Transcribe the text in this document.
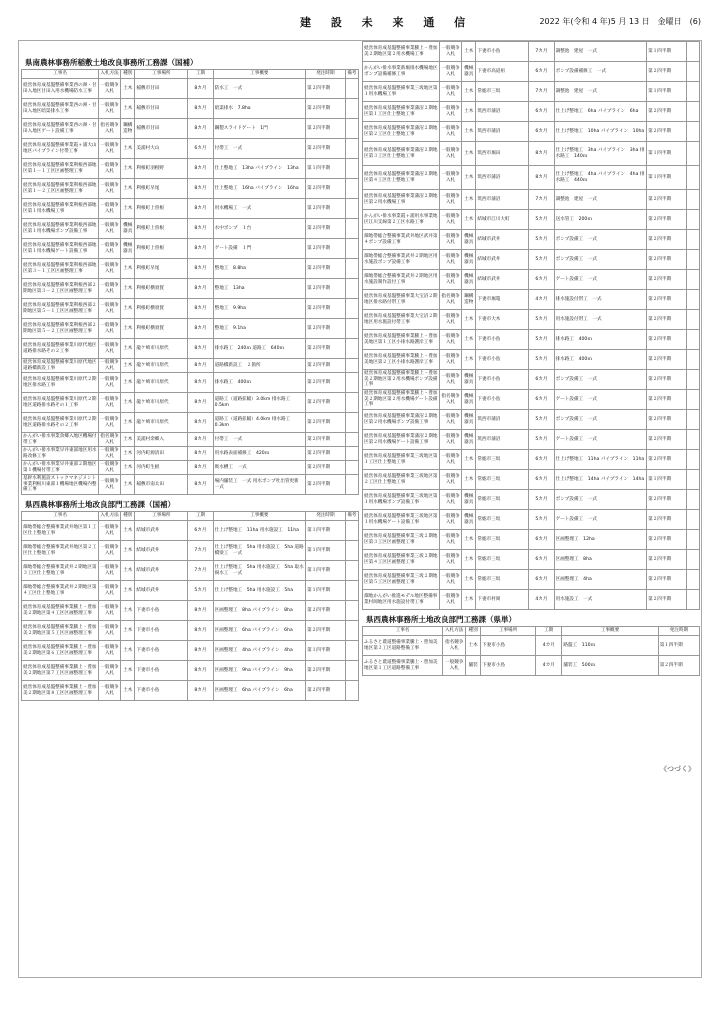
建 設 未 来 通 信	2022 年(令和 4 年)5 月 13 日　金曜日　(6)
県南農林事務所稲敷土地改良事務所工務課（国補）
工事名	入札方法	種別	工事場所	工期	工事概要	発注時期	備考
経営体育成基盤整備事業西の洲・甘田入地区甘田入用水機場防水工事	一般競争入札	土木	稲敷市甘田	8カ月	防水工　一式	第２四半期	
経営体育成基盤整備事業西の洲・甘田入地区暗渠排水工事	一般競争入札	土木	稲敷市甘田	8カ月	暗渠排水　7.8ha	第２四半期	
経営体育成基盤整備事業西の洲・甘田入地区ゲート設備工事	指名競争入札	鋼構造物	稲敷市甘田	8カ月	鋼製スライドゲート　1門	第２四半期	
経営体育成基盤整備事業霞ヶ浦大山地区パイプライン付帯工事	一般競争入札	土木	美浦村大山	6カ月	付帯工　一式	第２四半期	
経営体育成基盤整備事業利根西部地区第１－１工区区画整理工事	一般競争入札	土木	利根町羽根野	8カ月	仕上整地工　13ha パイプライン　13ha	第１四半期	
経営体育成基盤整備事業利根西部地区第１－２工区区画整理工事	一般競争入札	土木	利根町早尾	8カ月	仕上整地工　16ha パイプライン　16ha	第２四半期	
経営体育成基盤整備事業利根西部地区第１用水機場工事	一般競争入札	土木	利根町上曽根	8カ月	用水機場工　一式	第２四半期	
経営体育成基盤整備事業利根西部地区第１用水機場ポンプ設備工事	一般競争入札	機械器具	利根町上曽根	8カ月	水中ポンプ　１台	第２四半期	
経営体育成基盤整備事業利根西部地区第１用水機場ゲート設備工事	一般競争入札	機械器具	利根町上曽根	8カ月	ゲート設備　１門	第２四半期	
経営体育成基盤整備事業利根西部地区第３－１工区区画整理工事	一般競争入札	土木	利根町早尾	8カ月	整地工　8.8ha	第２四半期	
経営体育成基盤整備事業利根西部２期地区第３－２工区区画整理工事	一般競争入札	土木	利根町横須賀	8カ月	整地工　13ha	第２四半期	
経営体育成基盤整備事業利根西部２期地区第５－１工区区画整理工事	一般競争入札	土木	利根町横須賀	8カ月	整地工　9.9ha	第２四半期	
経営体育成基盤整備事業利根西部２期地区第５－２工区区画整理工事	一般競争入札	土木	利根町横須賀	8カ月	整地工　9.1ha	第２四半期	
経営体育成基盤整備事業川原代地区道路排水路その２工事	一般競争入札	土木	龍ケ崎市川原代	8カ月	排水路工　240ｍ 道路工　640ｍ	第２四半期	
経営体育成基盤整備事業川原代地区道路橋新設工事	一般競争入札	土木	龍ケ崎市川原代	8カ月	道路橋新設工　２箇所	第２四半期	
経営体育成基盤整備事業川原代２期地区排水路工事	一般競争入札	土木	龍ケ崎市川原代	8カ月	排水路工　400ｍ	第２四半期	
経営体育成基盤整備事業川原代２期地区道路排水路その１工事	一般競争入札	土木	龍ケ崎市川原代	8カ月	道路工（道路拡幅）3.0km 排水路工　0.5km	第２四半期	
経営体育成基盤整備事業川原代２期地区道路排水路その２工事	一般競争入札	土木	龍ケ崎市川原代	8カ月	道路工（道路拡幅）4.0km 排水路工　0.3km	第２四半期	
かんがい排水事業余郷入地区機場付帯工事	指名競争入札	土木	美浦村余郷入	8カ月	付帯工　一式	第２四半期	
かんがい排水事業早井東部地区用水路改修工事	一般競争入札	土木	河内町源清田	8カ月	用水路表面補修工　420ｍ	第２四半期	
かんがい排水事業早井東部２期地区第１機場付帯工事	一般競争入札	土木	河内町生板	8カ月	吸水槽工　一式	第２四半期	
基幹水利施設ストックマネジメント事業利根川東部１機場地区機場内整備工事	一般競争入札	土木	稲敷市南太田	8カ月	場内舗装工　一式 用水ポンプ吐出管更新　一式	第２四半期	
県西農林事務所土地改良部門工務課（国補）
工事名	入札方法	種別	工事場所	工期	工事概要	発注時期	備考
畑地帯総合整備事業武井地区第１工区仕上整地工事	一般競争入札	土木	結城市武井	6カ月	仕上げ整地工　11ha 用水施設工　11ha	第１四半期	
畑地帯総合整備事業武井地区第２工区仕上整地工事	一般競争入札	土木	結城市武井	7カ月	仕上げ整地工　5ha 用水施設工　5ha 道路橋梁工　一式	第１四半期	
畑地帯総合整備事業武井２期地区第３工区仕上整地工事	一般競争入札	土木	結城市武井	7カ月	仕上げ整地工　5ha 用水施設工　5ha 取水揚水工　一式	第１四半期	
畑地帯総合整備事業武井２期地区第４工区仕上整地工事	一般競争入札	土木	結城市武井	5カ月	仕上げ整地工　5ha 用水施設工　5ha	第１四半期	
経営体育成基盤整備事業騰上・豊加美２期地区第４工区区画整理工事	一般競争入札	土木	下妻市小島	8カ月	区画整理工　8ha パイプライン　8ha	第２四半期	
経営体育成基盤整備事業騰上・豊加美２期地区第５工区区画整理工事	一般競争入札	土木	下妻市小島	8カ月	区画整理工　6ha パイプライン　6ha	第２四半期	
経営体育成基盤整備事業騰上・豊加美２期地区第６工区区画整理工事	一般競争入札	土木	下妻市小島	8カ月	区画整理工　4ha パイプライン　4ha	第１四半期	
経営体育成基盤整備事業騰上・豊加美２期地区第７工区区画整理工事	一般競争入札	土木	下妻市小島	8カ月	区画整理工　9ha パイプライン　9ha	第２四半期	
経営体育成基盤整備事業騰上・豊加美２期地区第８工区区画整理工事	一般競争入札	土木	下妻市小島	8カ月	区画整理工　6ha パイプライン　6ha	第２四半期	
経営体育成基盤整備事業騰上・豊加美２期地区第２用水機場工事	一般競争入札	土木	下妻市小島	7カ月	調整池　建屋　一式	第１四半期	
かんがい排水事業新堀排水機場地区ポンプ設備補修工事	一般競争入札	機械器具	下妻市高道祖	6カ月	ポンプ設備補修工　一式	第２四半期	
経営体育成基盤整備事業三坂地区第１用水機場工事	一般競争入札	土木	常総市三坂	7カ月	調整池　建屋　一式	第１四半期	
経営体育成基盤整備事業蒲沼２期地区第１工区仕上整地工事	一般競争入札	土木	筑西市蒲沼	6カ月	仕上げ整地工　6ha パイプライン　6ha	第２四半期	
経営体育成基盤整備事業蒲沼２期地区第２工区仕上整地工事	一般競争入札	土木	筑西市蒲沼	6カ月	仕上げ整地工　10ha パイプライン　10ha	第２四半期	
経営体育成基盤整備事業蒲沼２期地区第３工区仕上整地工事	一般競争入札	土木	筑西市堀田	8カ月	仕上げ整地工　3ha パイプライン　3ha 排水路工　140ｍ	第１四半期	
経営体育成基盤整備事業蒲沼２期地区第４工区仕上整地工事	一般競争入札	土木	筑西市蒲沼	8カ月	仕上げ整地工　4ha パイプライン　4ha 排水路工　440ｍ	第１四半期	
経営体育成基盤整備事業蒲沼２期地区第２用水機場工事	一般競争入札	土木	筑西市蒲沼	7カ月	調整池　建屋　一式	第２四半期	
かんがい排水事業霞ヶ浦用水事業地区江川支線第２工区水路工事	一般競争入札	土木	結城市江川大町	5カ月	送水管工　200ｍ	第２四半期	
畑地帯総合整備事業武井地区武井第４ポンプ設備工事	一般競争入札	機械器具	結城市武井	5カ月	ポンプ設備工　一式	第２四半期	
畑地帯総合整備事業武井２期地区用水施設ポンプ設備工事	一般競争入札	機械器具	結城市武井	5カ月	ポンプ設備工　一式	第２四半期	
畑地帯総合整備事業武井２期地区用水施設制作設付工事	一般競争入札	機械器具	結城市武井	6カ月	ゲート設備工　一式	第２四半期	
経営体育成基盤整備事業大宝沼２期地区排水路付帯工事	指名競争入札	鋼構造物	下妻市堀篭	4カ月	排水施設付帯工　一式	第２四半期	
経営体育成基盤整備事業大宝沼２期地区用水施設付帯工事	一般競争入札	土木	下妻市大木	5カ月	用水施設付帯工　一式	第２四半期	
経営体育成基盤整備事業騰上・豊加美地区第１工区小排水路護岸工事	一般競争入札	土木	下妻市小島	5カ月	排水路工　400ｍ	第２四半期	
経営体育成基盤整備事業騰上・豊加美地区第２工区小排水路護岸工事	一般競争入札	土木	下妻市小島	5カ月	排水路工　400ｍ	第２四半期	
経営体育成基盤整備事業騰上・豊加美２期地区第２用水機場ポンプ設備工事	一般競争入札	機械器具	下妻市小島	6カ月	ポンプ設備工　一式	第２四半期	
経営体育成基盤整備事業騰上・豊加美２期地区第２用水機場ゲート設備工事	指名競争入札	機械器具	下妻市小島	6カ月	ゲート設備工　一式	第２四半期	
経営体育成基盤整備事業蒲沼２期地区第２用水機場ポンプ設備工事	一般競争入札	機械器具	筑西市蒲沼	5カ月	ポンプ設備工　一式	第２四半期	
経営体育成基盤整備事業蒲沼２期地区第２用水機場ゲート設備工事	一般競争入札	機械器具	筑西市蒲沼	5カ月	ゲート設備工　一式	第２四半期	
経営体育成基盤整備事業三坂地区第１工区仕上整地工事	一般競争入札	土木	常総市三坂	6カ月	仕上げ整地工　11ha パイプライン　11ha	第２四半期	
経営体育成基盤整備事業三坂地区第２工区仕上整地工事	一般競争入札	土木	常総市三坂	6カ月	仕上げ整地工　14ha パイプライン　14ha	第１四半期	
経営体育成基盤整備事業三坂地区第１用水機場ポンプ設備工事	一般競争入札	機械器具	常総市三坂	5カ月	ポンプ設備工　一式	第２四半期	
経営体育成基盤整備事業三坂地区第１用水機場ゲート設備工事	一般競争入札	機械器具	常総市三坂	5カ月	ゲート設備工　一式	第２四半期	
経営体育成基盤整備事業三坂２期地区第３工区区画整理工事	一般競争入札	土木	常総市三坂	6カ月	区画整理工　12ha	第２四半期	
経営体育成基盤整備事業三坂２期地区第４工区区画整理工事	一般競争入札	土木	常総市三坂	6カ月	区画整理工　8ha	第２四半期	
経営体育成基盤整備事業三坂２期地区第５工区区画整理工事	一般競争入札	土木	常総市三坂	6カ月	区画整理工　4ha	第２四半期	
畑地かんがい推進モデル地区整備事業村岡地区用水施設付帯工事	一般競争入札	土木	下妻市村岡	4カ月	用水施設工　一式	第２四半期	
県西農林事務所土地改良部門工務課（県単）
工事名	入札方法	種別	工事場所	工期	工事概要	発注時期
ふるさと農道整備事業騰上・豊加美地区第３工区道路整備工事	指名競争入札	土木	下妻市小島	4カ月	路盤工　110ｍ	第１四半期
ふるさと農道整備事業騰上・豊加美地区第１工区道路整備工事	一般競争入札	舗装	下妻市小島	4カ月	舗装工　500ｍ	第２四半期
《つづく》
